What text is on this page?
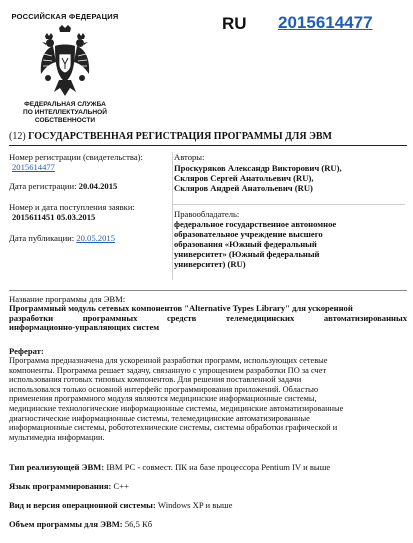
РОССИЙСКАЯ ФЕДЕРАЦИЯ
ФЕДЕРАЛЬНАЯ СЛУЖБА
ПО ИНТЕЛЛЕКТУАЛЬНОЙ СОБСТВЕННОСТИ
RU 2015614477
(12) ГОСУДАРСТВЕННАЯ РЕГИСТРАЦИЯ ПРОГРАММЫ ДЛЯ ЭВМ
Номер регистрации (свидетельства):
2015614477
Дата регистрации: 20.04.2015
Номер и дата поступления заявки:
2015611451 05.03.2015
Дата публикации: 20.05.2015
Авторы:
Проскуряков Александр Викторович (RU),
Скляров Сергей Анатольевич (RU),
Скляров Андрей Анатольевич (RU)
Правообладатель:
федеральное государственное автономное
образовательное учреждение высшего
образования «Южный федеральный
университет» (Южный федеральный
университет) (RU)
Название программы для ЭВМ:
Программный модуль сетевых компонентов "Alternative Types Library" для ускоренной
разработки программных средств телемедицинских автоматизированных
информационно-управляющих систем
Реферат:
Программа предназначена для ускоренной разработки программ, использующих сетевые
компоненты. Программа решает задачу, связанную с упрощением разработки ПО за счет
использования готовых типовых компонентов. Для решения поставленной задачи
использовался только основной интерфейс программирования приложений. Областью
применения программного модуля являются медицинские информационные системы,
медицинские технологические информационные системы, медицинские автоматизированные
диагностические информационные системы, телемедицинские автоматизированные
информационные системы, робототехнические системы, системы обработки графической и
мультимедиа информации.
Тип реализующей ЭВМ: IBM PC - совмест. ПК на базе процессора Pentium IV и выше
Язык программирования: C++
Вид и версия операционной системы: Windows XP и выше
Объем программы для ЭВМ: 56,5 Кб
